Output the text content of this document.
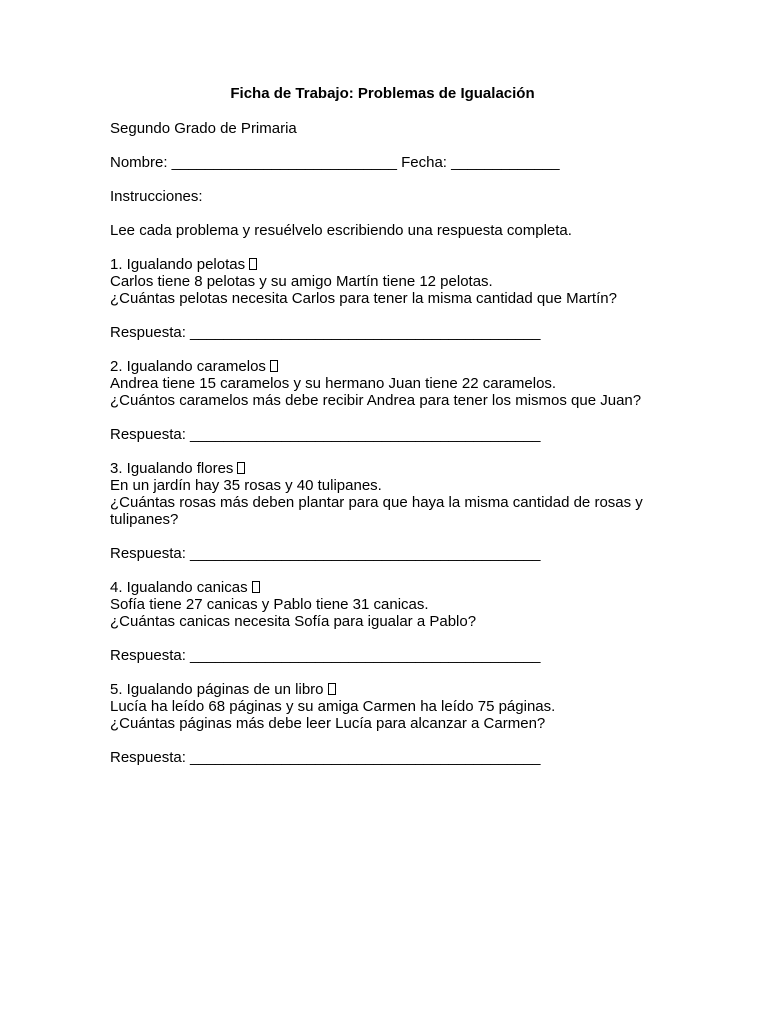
Ficha de Trabajo: Problemas de Igualación

Segundo Grado de Primaria

Nombre: ___________________________ Fecha: _____________

Instrucciones:

Lee cada problema y resuélvelo escribiendo una respuesta completa.

1. Igualando pelotas

Carlos tiene 8 pelotas y su amigo Martín tiene 12 pelotas.

¿Cuántas pelotas necesita Carlos para tener la misma cantidad que Martín?

Respuesta: __________________________________________

2. Igualando caramelos

Andrea tiene 15 caramelos y su hermano Juan tiene 22 caramelos.

¿Cuántos caramelos más debe recibir Andrea para tener los mismos que Juan?

Respuesta: __________________________________________

3. Igualando flores

En un jardín hay 35 rosas y 40 tulipanes.

¿Cuántas rosas más deben plantar para que haya la misma cantidad de rosas y tulipanes?

Respuesta: __________________________________________

4. Igualando canicas

Sofía tiene 27 canicas y Pablo tiene 31 canicas.

¿Cuántas canicas necesita Sofía para igualar a Pablo?

Respuesta: __________________________________________

5. Igualando páginas de un libro

Lucía ha leído 68 páginas y su amiga Carmen ha leído 75 páginas.

¿Cuántas páginas más debe leer Lucía para alcanzar a Carmen?

Respuesta: __________________________________________
